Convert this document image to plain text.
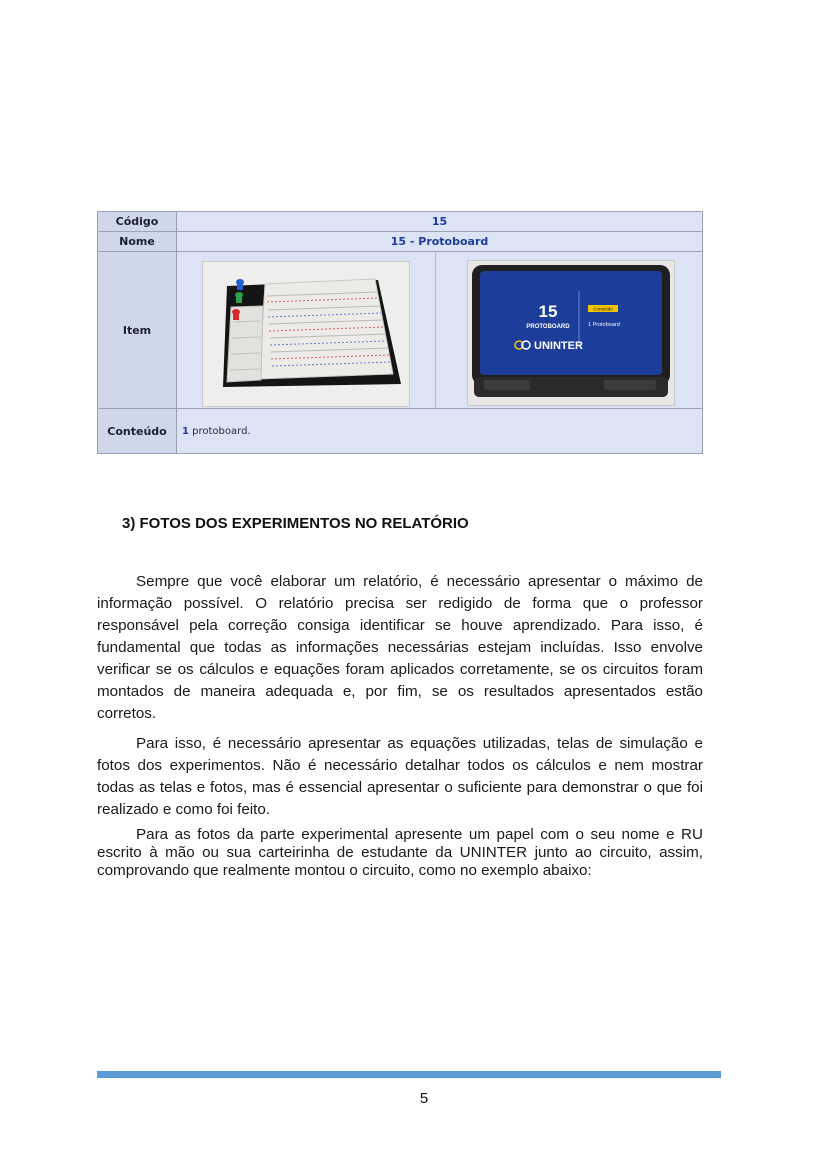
Código	15
Nome	15 - Protoboard
Item	15
PROTOBOARD
Conteúdo
1 Protoboard
UNINTER

Conteúdo	1 protoboard.
3) FOTOS DOS EXPERIMENTOS NO RELATÓRIO

Sempre que você elaborar um relatório, é necessário apresentar o máximo de informação possível. O relatório precisa ser redigido de forma que o professor responsável pela correção consiga identificar se houve aprendizado. Para isso, é fundamental que todas as informações necessárias estejam incluídas. Isso envolve verificar se os cálculos e equações foram aplicados corretamente, se os circuitos foram montados de maneira adequada e, por fim, se os resultados apresentados estão corretos.

Para isso, é necessário apresentar as equações utilizadas, telas de simulação e fotos dos experimentos. Não é necessário detalhar todos os cálculos e nem mostrar todas as telas e fotos, mas é essencial apresentar o suficiente para demonstrar o que foi realizado e como foi feito.

Para as fotos da parte experimental apresente um papel com o seu nome e RU escrito à mão ou sua carteirinha de estudante da UNINTER junto ao circuito, assim, comprovando que realmente montou o circuito, como no exemplo abaixo:

5
